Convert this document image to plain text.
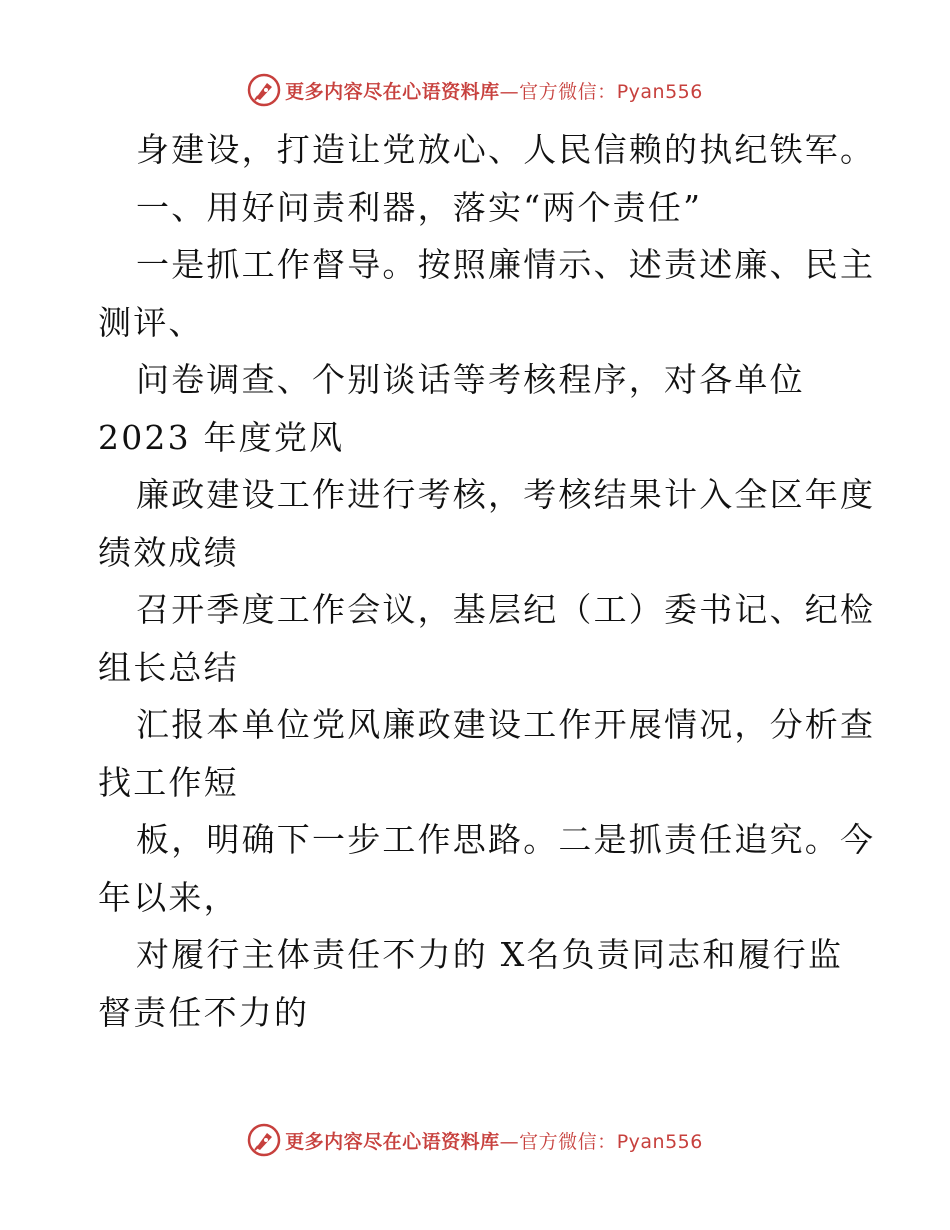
更多内容尽在心语资料库—官方微信：Pyan556
身建设，打造让党放心、人民信赖的执纪铁军。
一、用好问责利器，落实“两个责任”
一是抓工作督导。按照廉情示、述责述廉、民主
测评、
问卷调查、个别谈话等考核程序，对各单位
2023 年度党风
廉政建设工作进行考核，考核结果计入全区年度
绩效成绩
召开季度工作会议，基层纪（工）委书记、纪检
组长总结
汇报本单位党风廉政建设工作开展情况，分析查
找工作短
板，明确下一步工作思路。二是抓责任追究。今
年以来，
对履行主体责任不力的 X名负责同志和履行监
督责任不力的
更多内容尽在心语资料库—官方微信：Pyan556
